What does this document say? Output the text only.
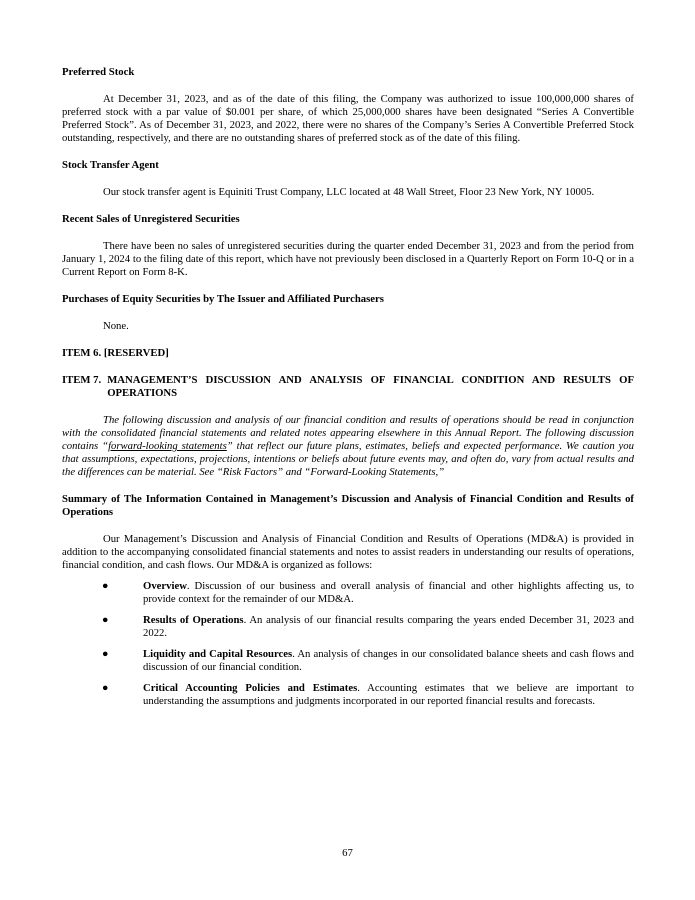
Preferred Stock

At December 31, 2023, and as of the date of this filing, the Company was authorized to issue 100,000,000 shares of preferred stock with a par value of $0.001 per share, of which 25,000,000 shares have been designated “Series A Convertible Preferred Stock”. As of December 31, 2023, and 2022, there were no shares of the Company’s Series A Convertible Preferred Stock outstanding, respectively, and there are no outstanding shares of preferred stock as of the date of this filing.

Stock Transfer Agent

Our stock transfer agent is Equiniti Trust Company, LLC located at 48 Wall Street, Floor 23 New York, NY 10005.

Recent Sales of Unregistered Securities

There have been no sales of unregistered securities during the quarter ended December 31, 2023 and from the period from January 1, 2024 to the filing date of this report, which have not previously been disclosed in a Quarterly Report on Form 10-Q or in a Current Report on Form 8-K.

Purchases of Equity Securities by The Issuer and Affiliated Purchasers

None.

ITEM 6. [RESERVED]

ITEM 7. MANAGEMENT’S DISCUSSION AND ANALYSIS OF FINANCIAL CONDITION AND RESULTS OF OPERATIONS

The following discussion and analysis of our financial condition and results of operations should be read in conjunction with the consolidated financial statements and related notes appearing elsewhere in this Annual Report. The following discussion contains “forward-looking statements” that reflect our future plans, estimates, beliefs and expected performance. We caution you that assumptions, expectations, projections, intentions or beliefs about future events may, and often do, vary from actual results and the differences can be material. See “Risk Factors” and “Forward-Looking Statements,”

Summary of The Information Contained in Management’s Discussion and Analysis of Financial Condition and Results of Operations

Our Management’s Discussion and Analysis of Financial Condition and Results of Operations (MD&A) is provided in addition to the accompanying consolidated financial statements and notes to assist readers in understanding our results of operations, financial condition, and cash flows. Our MD&A is organized as follows:

●	Overview. Discussion of our business and overall analysis of financial and other highlights affecting us, to provide context for the remainder of our MD&A.
●	Results of Operations. An analysis of our financial results comparing the years ended December 31, 2023 and 2022.
●	Liquidity and Capital Resources. An analysis of changes in our consolidated balance sheets and cash flows and discussion of our financial condition.
●	Critical Accounting Policies and Estimates. Accounting estimates that we believe are important to understanding the assumptions and judgments incorporated in our reported financial results and forecasts.
67
